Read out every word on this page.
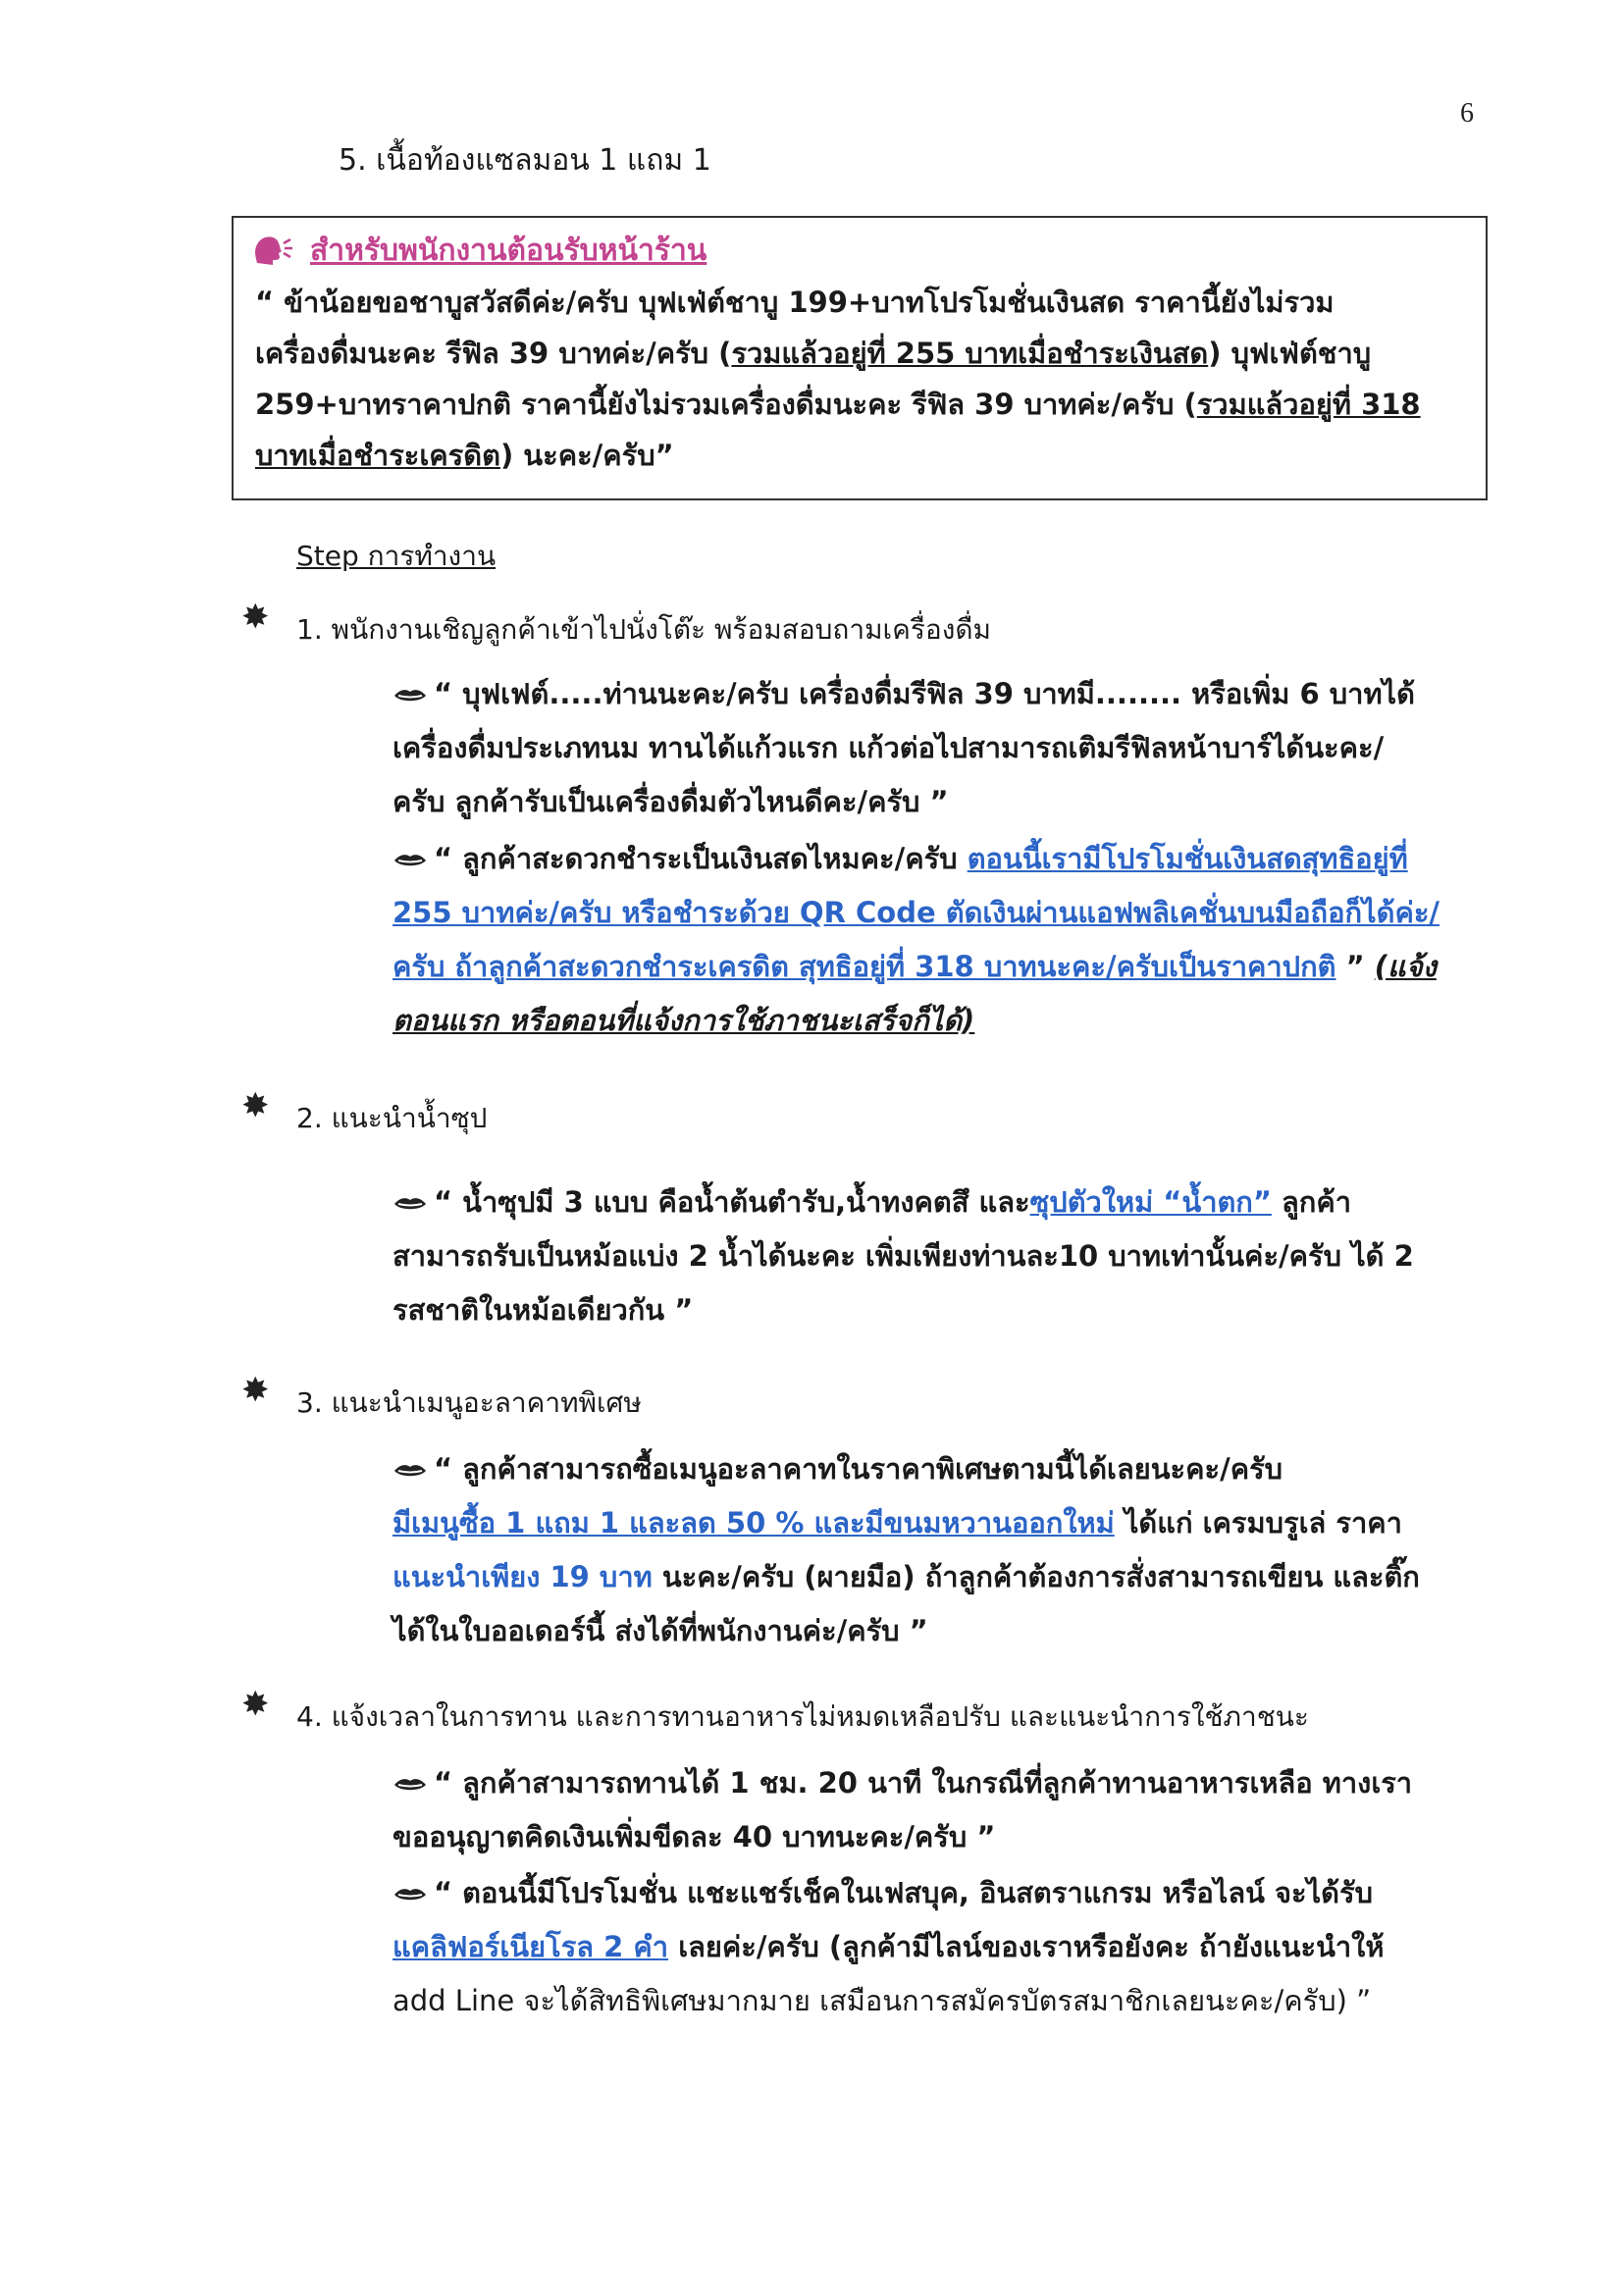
6
5. เนื้อท้องแซลมอน 1 แถม 1
สำหรับพนักงานต้อนรับหน้าร้าน
“ ข้าน้อยขอชาบูสวัสดีค่ะ/ครับ บุฟเฟ่ต์ชาบู 199+บาทโปรโมชั่นเงินสด ราคานี้ยังไม่รวม
เครื่องดื่มนะคะ รีฟิล 39 บาทค่ะ/ครับ (รวมแล้วอยู่ที่ 255 บาทเมื่อชำระเงินสด) บุฟเฟ่ต์ชาบู
259+บาทราคาปกติ ราคานี้ยังไม่รวมเครื่องดื่มนะคะ รีฟิล 39 บาทค่ะ/ครับ (รวมแล้วอยู่ที่ 318
บาทเมื่อชำระเครดิต) นะคะ/ครับ”
Step การทำงาน
✸ 1. พนักงานเชิญลูกค้าเข้าไปนั่งโต๊ะ พร้อมสอบถามเครื่องดื่ม
“ บุฟเฟต์.....ท่านนะคะ/ครับ เครื่องดื่มรีฟิล 39 บาทมี........ หรือเพิ่ม 6 บาทได้
เครื่องดื่มประเภทนม ทานได้แก้วแรก แก้วต่อไปสามารถเติมรีฟิลหน้าบาร์ได้นะคะ/
ครับ ลูกค้ารับเป็นเครื่องดื่มตัวไหนดีคะ/ครับ ”
“ ลูกค้าสะดวกชำระเป็นเงินสดไหมคะ/ครับ ตอนนี้เรามีโปรโมชั่นเงินสดสุทธิอยู่ที่
255 บาทค่ะ/ครับ หรือชำระด้วย QR Code ตัดเงินผ่านแอฟพลิเคชั่นบนมือถือก็ได้ค่ะ/
ครับ ถ้าลูกค้าสะดวกชำระเครดิต สุทธิอยู่ที่ 318 บาทนะคะ/ครับเป็นราคาปกติ ” (แจ้ง
ตอนแรก หรือตอนที่แจ้งการใช้ภาชนะเสร็จก็ได้)
✸ 2. แนะนำน้ำซุป
“ น้ำซุปมี 3 แบบ คือน้ำต้นตำรับ,น้ำทงคตสึ และซุปตัวใหม่ “น้ำตก” ลูกค้า
สามารถรับเป็นหม้อแบ่ง 2 น้ำได้นะคะ เพิ่มเพียงท่านละ10 บาทเท่านั้นค่ะ/ครับ ได้ 2
รสชาติในหม้อเดียวกัน ”
✸ 3. แนะนำเมนูอะลาคาทพิเศษ
“ ลูกค้าสามารถซื้อเมนูอะลาคาทในราคาพิเศษตามนี้ได้เลยนะคะ/ครับ
มีเมนูซื้อ 1 แถม 1 และลด 50 % และมีขนมหวานออกใหม่ ได้แก่ เครมบรูเล่ ราคา
แนะนำเพียง 19 บาท นะคะ/ครับ (ผายมือ) ถ้าลูกค้าต้องการสั่งสามารถเขียน และติ๊ก
ได้ในใบออเดอร์นี้ ส่งได้ที่พนักงานค่ะ/ครับ ”
✸ 4. แจ้งเวลาในการทาน และการทานอาหารไม่หมดเหลือปรับ และแนะนำการใช้ภาชนะ
“ ลูกค้าสามารถทานได้ 1 ชม. 20 นาที ในกรณีที่ลูกค้าทานอาหารเหลือ ทางเรา
ขออนุญาตคิดเงินเพิ่มขีดละ 40 บาทนะคะ/ครับ ”
“ ตอนนี้มีโปรโมชั่น แชะแชร์เช็คในเฟสบุค, อินสตราแกรม หรือไลน์ จะได้รับ
แคลิฟอร์เนียโรล 2 คำ เลยค่ะ/ครับ (ลูกค้ามีไลน์ของเราหรือยังคะ ถ้ายังแนะนำให้
add Line จะได้สิทธิพิเศษมากมาย เสมือนการสมัครบัตรสมาชิกเลยนะคะ/ครับ) ”
